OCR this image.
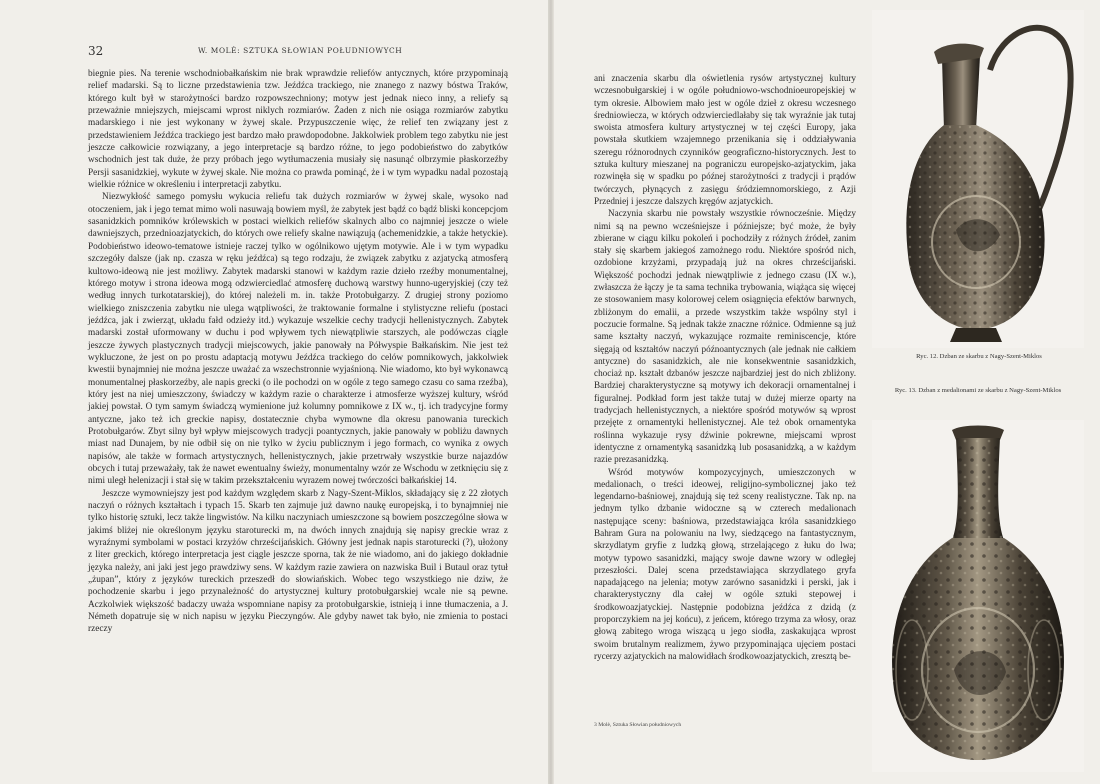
32	W. MOLĖ: SZTUKA SŁOWIAN POŁUDNIOWYCH

biegnie pies. Na terenie wschodniobałkańskim nie brak wprawdzie reliefów antycznych, które przypominają relief madarski. Są to liczne przedstawienia tzw. Jeźdźca trackiego, nie znanego z nazwy bóstwa Traków, którego kult był w starożytności bardzo rozpowszechniony; motyw jest jednak nieco inny, a reliefy są przeważnie mniejszych, miejscami wprost niklych rozmiarów. Żaden z nich nie osiąga rozmiarów zabytku madarskiego i nie jest wykonany w żywej skale. Przypuszczenie więc, że relief ten związany jest z przedstawieniem Jeźdźca trackiego jest bardzo mało prawdopodobne. Jakkolwiek problem tego zabytku nie jest jeszcze całkowicie rozwiązany, a jego interpretacje są bardzo różne, to jego podobieństwo do zabytków wschodnich jest tak duże, że przy próbach jego wytłumaczenia musiały się nasunąć olbrzymie płaskorzeźby Persji sasanidzkiej, wykute w żywej skale. Nie można co prawda pominąć, że i w tym wypadku nadal pozostają wielkie różnice w określeniu i interpretacji zabytku.

Niezwykłość samego pomysłu wykucia reliefu tak dużych rozmiarów w żywej skale, wysoko nad otoczeniem, jak i jego temat mimo woli nasuwają bowiem myśl, że zabytek jest bądź co bądź bliski koncepcjom sasanidzkich pomników królewskich w postaci wielkich reliefów skalnych albo co najmniej jeszcze o wiele dawniejszych, przednioazjatyckich, do których owe reliefy skalne nawiązują (achemenidzkie, a także hetyckie). Podobieństwo ideowo-tematowe istnieje raczej tylko w ogólnikowo ujętym motywie. Ale i w tym wypadku szczegóły dalsze (jak np. czasza w ręku jeźdźca) są tego rodzaju, że związek zabytku z azjatycką atmosferą kultowo-ideową nie jest możliwy. Zabytek madarski stanowi w każdym razie dzieło rzeźby monumentalnej, którego motyw i strona ideowa mogą odzwierciedlać atmosferę duchową warstwy hunno-ugeryjskiej (czy też według innych turkotatarskiej), do której należeli m. in. także Protobułgarzy. Z drugiej strony poziomo wielkiego zniszczenia zabytku nie ulega wątpliwości, że traktowanie formalne i stylistyczne reliefu (postaci jeźdźca, jak i zwierząt, układu fałd odzieży itd.) wykazuje wszelkie cechy tradycji hellenistycznych. Zabytek madarski został uformowany w duchu i pod wpływem tych niewątpliwie starszych, ale podówczas ciągle jeszcze żywych plastycznych tradycji miejscowych, jakie panowały na Półwyspie Bałkańskim. Nie jest też wykluczone, że jest on po prostu adaptacją motywu Jeźdźca trackiego do celów pomnikowych, jakkolwiek kwestii bynajmniej nie można jeszcze uważać za wszechstronnie wyjaśnioną. Nie wiadomo, kto był wykonawcą monumentalnej płaskorzeźby, ale napis grecki (o ile pochodzi on w ogóle z tego samego czasu co sama rzeźba), który jest na niej umieszczony, świadczy w każdym razie o charakterze i atmosferze wyższej kultury, wśród jakiej powstał. O tym samym świadczą wymienione już kolumny pomnikowe z IX w., tj. ich tradycyjne formy antyczne, jako też ich greckie napisy, dostatecznie chyba wymowne dla okresu panowania tureckich Protobułgarów. Zbyt silny był wpływ miejscowych tradycji poantycznych, jakie panowały w pobliżu dawnych miast nad Dunajem, by nie odbił się on nie tylko w życiu publicznym i jego formach, co wynika z owych napisów, ale także w formach artystycznych, hellenistycznych, jakie przetrwały wszystkie burze najazdów obcych i tutaj przeważały, tak że nawet ewentualny świeży, monumentalny wzór ze Wschodu w zetknięciu się z nimi uległ helenizacji i stał się w takim przekształceniu wyrazem nowej twórczości bałkańskiej 14.

Jeszcze wymowniejszy jest pod każdym względem skarb z Nagy-Szent-Miklos, składający się z 22 złotych naczyń o różnych kształtach i typach 15. Skarb ten zajmuje już dawno naukę europejską, i to bynajmniej nie tylko historię sztuki, lecz także lingwistów. Na kilku naczyniach umieszczone są bowiem poszczególne słowa w jakimś bliżej nie określonym języku staroturecki m, na dwóch innych znajdują się napisy greckie wraz z wyraźnymi symbolami w postaci krzyżów chrześcijańskich. Główny jest jednak napis staroturecki (?), ułożony z liter greckich, którego interpretacja jest ciągle jeszcze sporna, tak że nie wiadomo, ani do jakiego dokładnie języka należy, ani jaki jest jego prawdziwy sens. W każdym razie zawiera on nazwiska Buil i Butaul oraz tytuł „żupan”, który z języków tureckich przeszedł do słowiańskich. Wobec tego wszystkiego nie dziw, że pochodzenie skarbu i jego przynależność do artystycznej kultury protobułgarskiej wcale nie są pewne. Aczkolwiek większość badaczy uważa wspomniane napisy za protobułgarskie, istnieją i inne tłumaczenia, a J. Németh dopatruje się w nich napisu w języku Pieczyngów. Ale gdyby nawet tak było, nie zmienia to postaci rzeczy

ani znaczenia skarbu dla oświetlenia rysów artystycznej kultury wczesnobułgarskiej i w ogóle południowo-wschodnioeuropejskiej w tym okresie. Albowiem mało jest w ogóle dzieł z okresu wczesnego średniowiecza, w których odzwierciedlałaby się tak wyraźnie jak tutaj swoista atmosfera kultury artystycznej w tej części Europy, jaka powstała skutkiem wzajemnego przenikania się i oddziaływania szeregu różnorodnych czynników geograficzno-historycznych. Jest to sztuka kultury mieszanej na pograniczu europejsko-azjatyckim, jaka rozwinęła się w spadku po późnej starożytności z tradycji i prądów twórczych, płynących z zasięgu śródziemnomorskiego, z Azji Przedniej i jeszcze dalszych kręgów azjatyckich.

Naczynia skarbu nie powstały wszystkie równocześnie. Między nimi są na pewno wcześniejsze i późniejsze; być może, że były zbierane w ciągu kilku pokoleń i pochodziły z różnych źródeł, zanim stały się skarbem jakiegoś zamożnego rodu. Niektóre spośród nich, ozdobione krzyżami, przypadają już na okres chrześcijański. Większość pochodzi jednak niewątpliwie z jednego czasu (IX w.), zwłaszcza że łączy je ta sama technika trybowania, wiążąca się więcej ze stosowaniem masy kolorowej celem osiągnięcia efektów barwnych, zbliżonym do emalii, a przede wszystkim także wspólny styl i poczucie formalne. Są jednak także znaczne różnice. Odmienne są już same kształty naczyń, wykazujące rozmaite reminiscencje, które sięgają od kształtów naczyń późnoantycznych (ale jednak nie całkiem antyczne) do sasanidzkich, ale nie konsekwentnie sasanidzkich, chociaż np. kształt dzbanów jeszcze najbardziej jest do nich zbliżony. Bardziej charakterystyczne są motywy ich dekoracji ornamentalnej i figuralnej. Podkład form jest także tutaj w dużej mierze oparty na tradycjach hellenistycznych, a niektóre spośród motywów są wprost przejęte z ornamentyki hellenistycznej. Ale też obok ornamentyka roślinna wykazuje rysy dźwinie pokrewne, miejscami wprost identyczne z ornamentyką sasanidzką lub posasanidzką, a w każdym razie prezasanidzką.

Wśród motywów kompozycyjnych, umieszczonych w medalionach, o treści ideowej, religijno-symbolicznej jako też legendarno-baśniowej, znajdują się też sceny realistyczne. Tak np. na jednym tylko dzbanie widoczne są w czterech medalionach następujące sceny: baśniowa, przedstawiająca króla sasanidzkiego Bahram Gura na polowaniu na lwy, siedzącego na fantastycznym, skrzydlatym gryfie z ludzką głową, strzelającego z łuku do lwa; motyw typowo sasanidzki, mający swoje dawne wzory w odległej przeszłości. Dalej scena przedstawiająca skrzydlatego gryfa napadającego na jelenia; motyw zarówno sasanidzki i perski, jak i charakterystyczny dla całej w ogóle sztuki stepowej i środkowoazjatyckiej. Następnie podobizna jeźdźca z dzidą (z proporczykiem na jej końcu), z jeńcem, którego trzyma za włosy, oraz głową zabitego wroga wiszącą u jego siodła, zaskakująca wprost swoim brutalnym realizmem, żywo przypominająca ujęciem postaci rycerzy azjatyckich na malowidłach środkowoazjatyckich, zresztą be-

3 Molė, Sztuka Słowian południowych
Ryc. 12. Dzban ze skarbu z Nagy-Szent-Miklos
Ryc. 13. Dzban z medalionami ze skarbu z Nagy-Szent-Miklos
